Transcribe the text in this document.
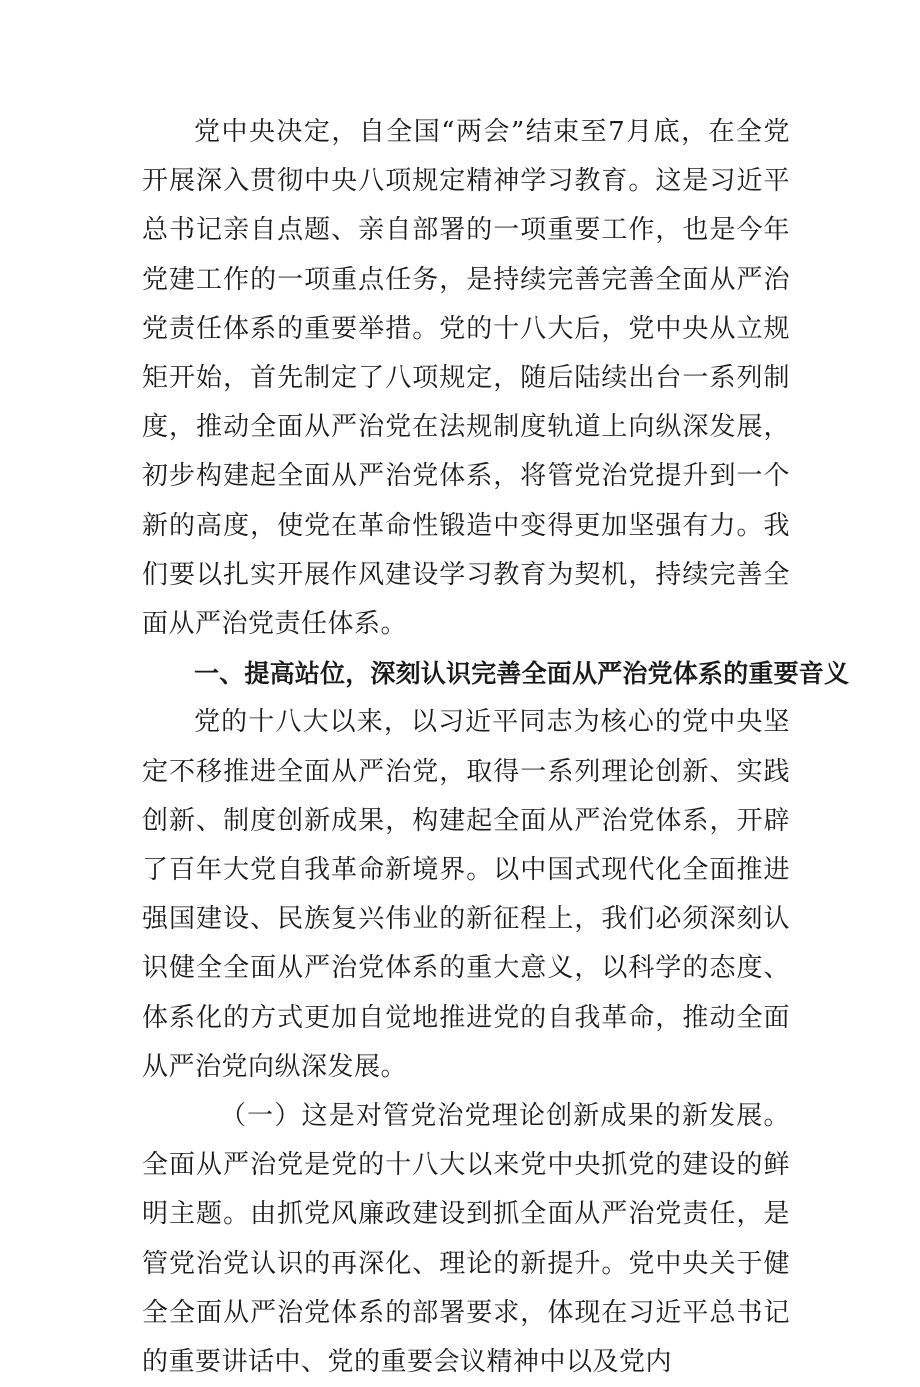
党中央决定，自全国“两会”结束至7月底，在全党开展深入贯彻中央八项规定精神学习教育。这是习近平总书记亲自点题、亲自部署的一项重要工作，也是今年党建工作的一项重点任务，是持续完善完善全面从严治党责任体系的重要举措。党的十八大后，党中央从立规矩开始，首先制定了八项规定，随后陆续出台一系列制度，推动全面从严治党在法规制度轨道上向纵深发展，初步构建起全面从严治党体系，将管党治党提升到一个新的高度，使党在革命性锻造中变得更加坚强有力。我们要以扎实开展作风建设学习教育为契机，持续完善全面从严治党责任体系。

一、提高站位，深刻认识完善全面从严治党体系的重要音义

党的十八大以来，以习近平同志为核心的党中央坚定不移推进全面从严治党，取得一系列理论创新、实践创新、制度创新成果，构建起全面从严治党体系，开辟了百年大党自我革命新境界。以中国式现代化全面推进强国建设、民族复兴伟业的新征程上，我们必须深刻认识健全全面从严治党体系的重大意义，以科学的态度、体系化的方式更加自觉地推进党的自我革命，推动全面从严治党向纵深发展。

（一）这是对管党治党理论创新成果的新发展。全面从严治党是党的十八大以来党中央抓党的建设的鲜明主题。由抓党风廉政建设到抓全面从严治党责任，是管党治党认识的再深化、理论的新提升。党中央关于健全全面从严治党体系的部署要求，体现在习近平总书记的重要讲话中、党的重要会议精神中以及党内
